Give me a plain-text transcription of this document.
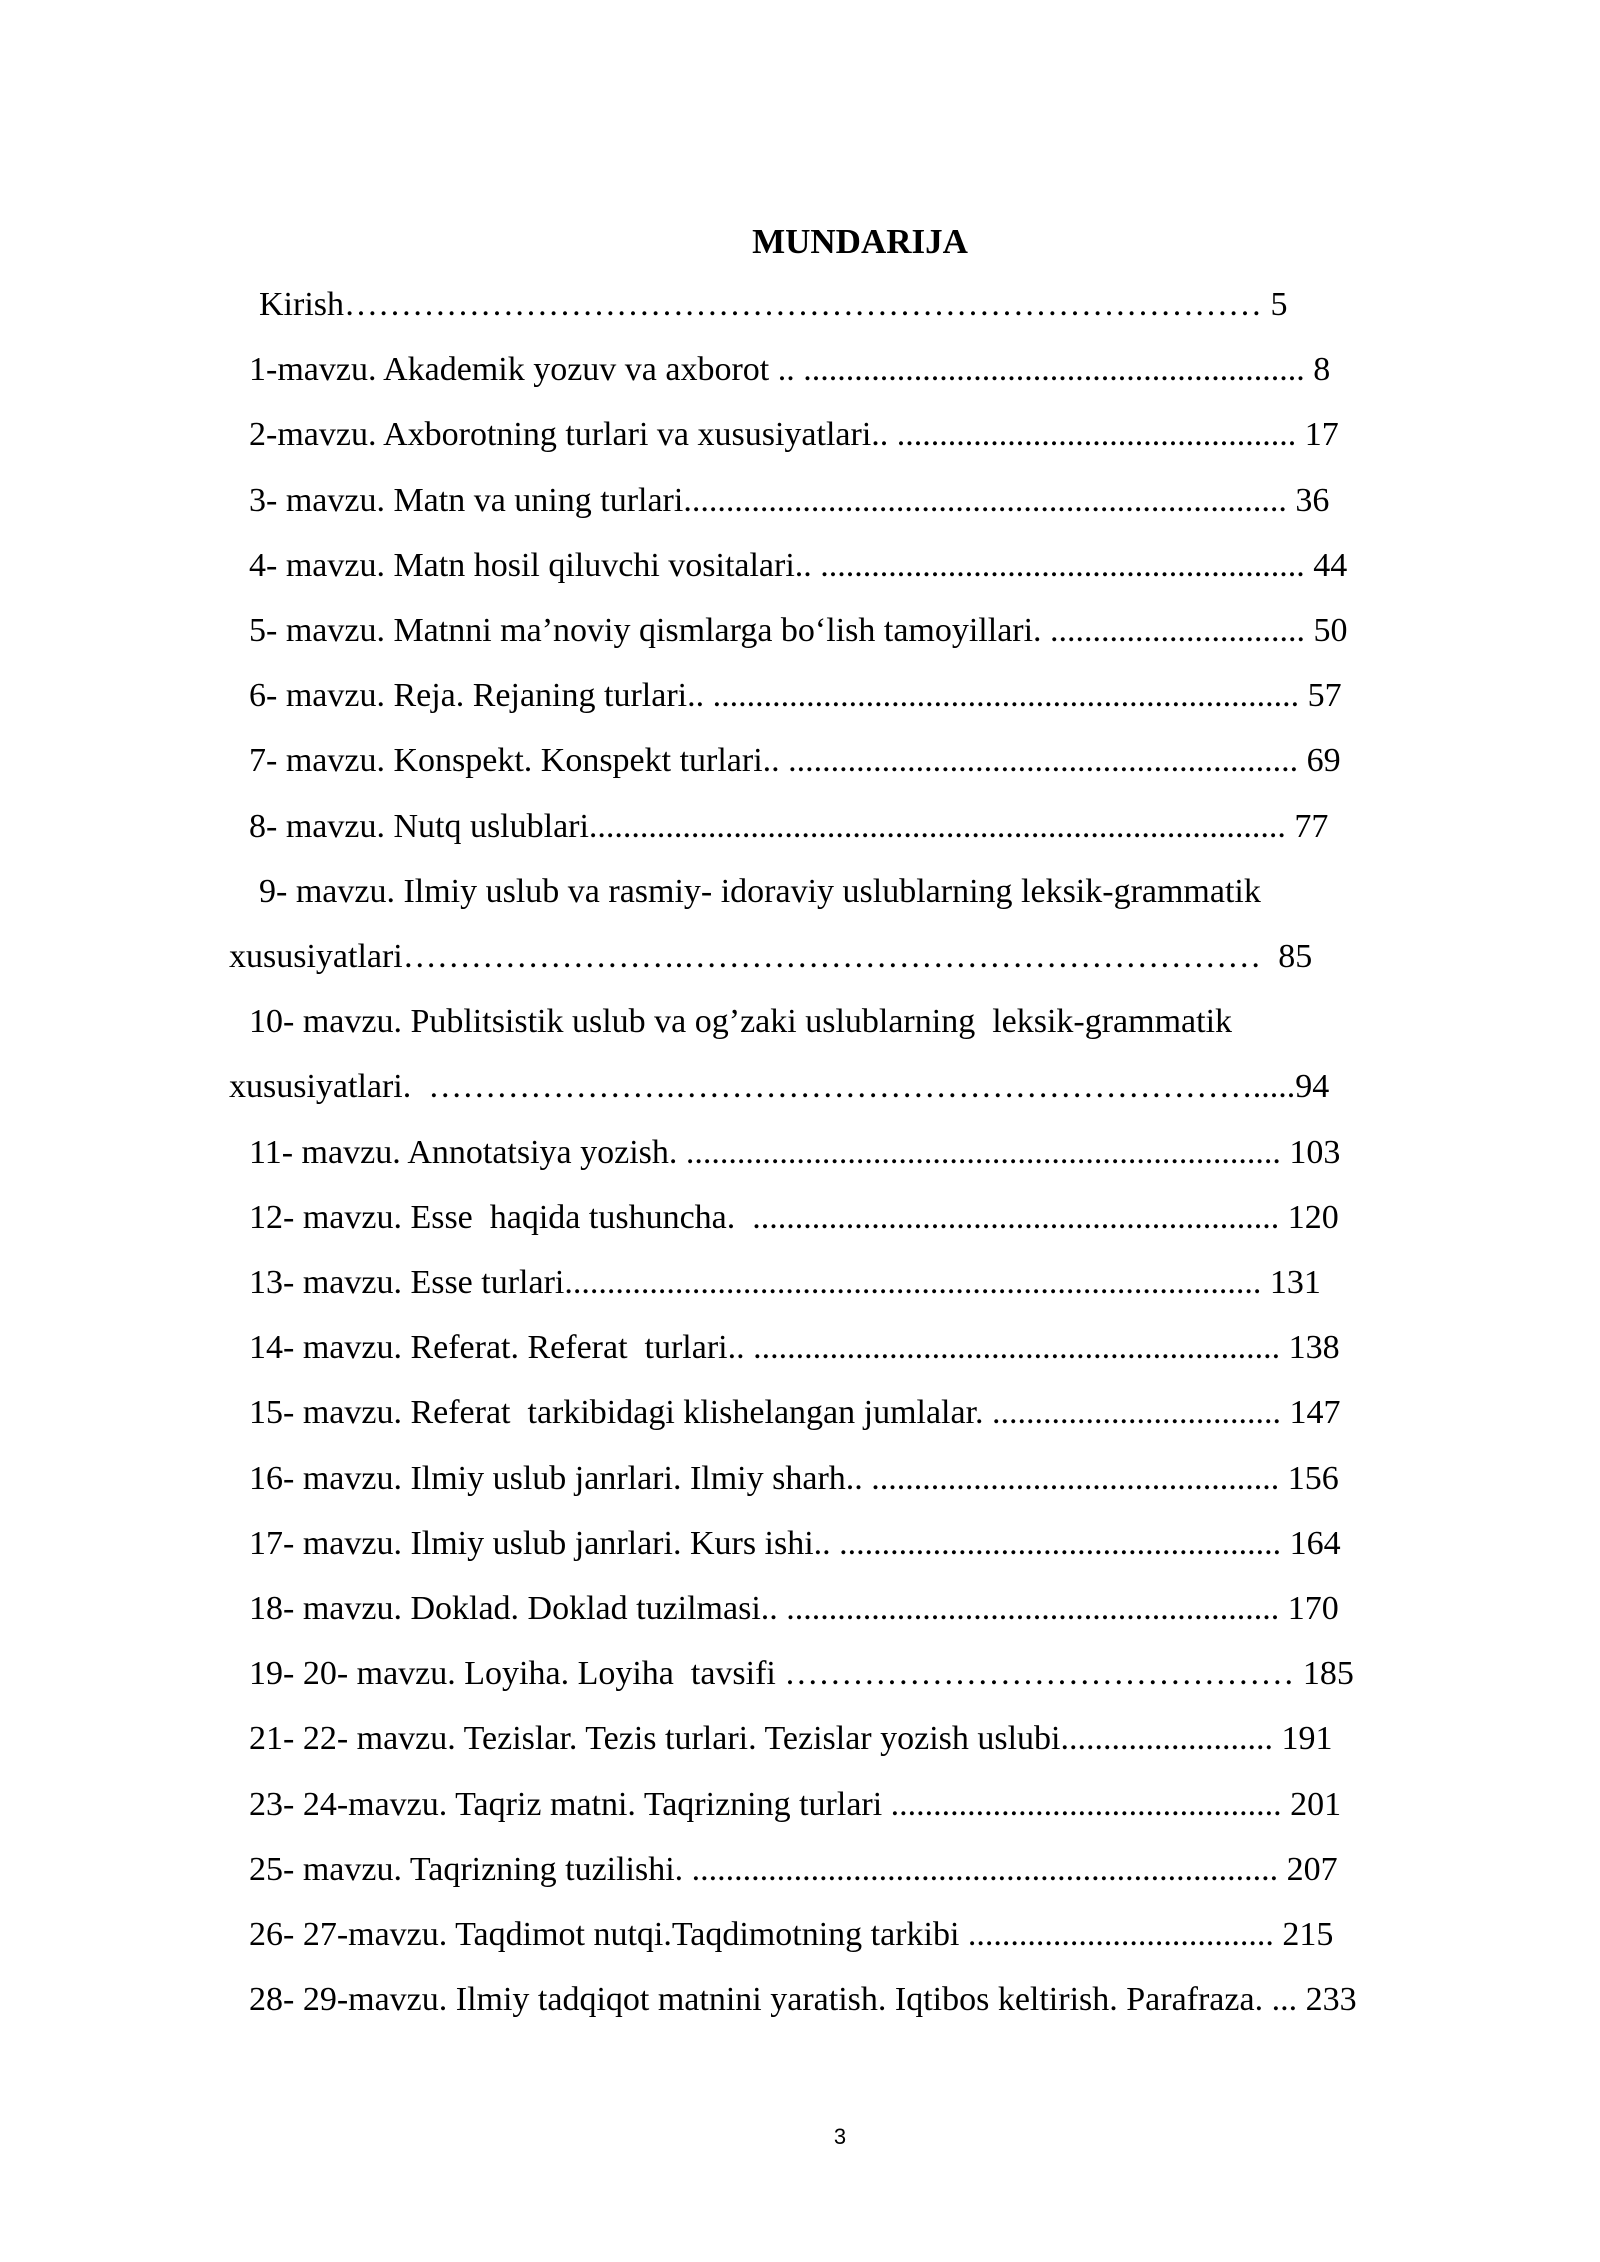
MUNDARIJA
Kirish……………………………………………………………………… 5
1-mavzu. Akademik yozuv va axborot .. ........................................................... 8
2-mavzu. Axborotning turlari va xususiyatlari.. ............................................... 17
3- mavzu. Matn va uning turlari....................................................................... 36
4- mavzu. Matn hosil qiluvchi vositalari.. ......................................................... 44
5- mavzu. Matnni ma’noviy qismlarga bo‘lish tamoyillari. .............................. 50
6- mavzu. Reja. Rejaning turlari.. ..................................................................... 57
7- mavzu. Konspekt. Konspekt turlari.. ............................................................ 69
8- mavzu. Nutq uslublari.................................................................................. 77
9- mavzu. Ilmiy uslub va rasmiy- idoraviy uslublarning leksik-grammatik
xususiyatlari…………………….……………………………………………  85
10- mavzu. Publitsistik uslub va og’zaki uslublarning  leksik-grammatik
xususiyatlari.  ………………….…………………………………………….....94
11- mavzu. Annotatsiya yozish. ...................................................................... 103
12- mavzu. Esse  haqida tushuncha.  .............................................................. 120
13- mavzu. Esse turlari.................................................................................. 131
14- mavzu. Referat. Referat  turlari.. .............................................................. 138
15- mavzu. Referat  tarkibidagi klishelangan jumlalar. .................................. 147
16- mavzu. Ilmiy uslub janrlari. Ilmiy sharh.. ................................................ 156
17- mavzu. Ilmiy uslub janrlari. Kurs ishi.. .................................................... 164
18- mavzu. Doklad. Doklad tuzilmasi.. .......................................................... 170
19- 20- mavzu. Loyiha. Loyiha  tavsifi ……………………………………… 185
21- 22- mavzu. Tezislar. Tezis turlari. Tezislar yozish uslubi......................... 191
23- 24-mavzu. Taqriz matni. Taqrizning turlari .............................................. 201
25- mavzu. Taqrizning tuzilishi. ..................................................................... 207
26- 27-mavzu. Taqdimot nutqi.Taqdimotning tarkibi .................................... 215
28- 29-mavzu. Ilmiy tadqiqot matnini yaratish. Iqtibos keltirish. Parafraza. ... 233
3
